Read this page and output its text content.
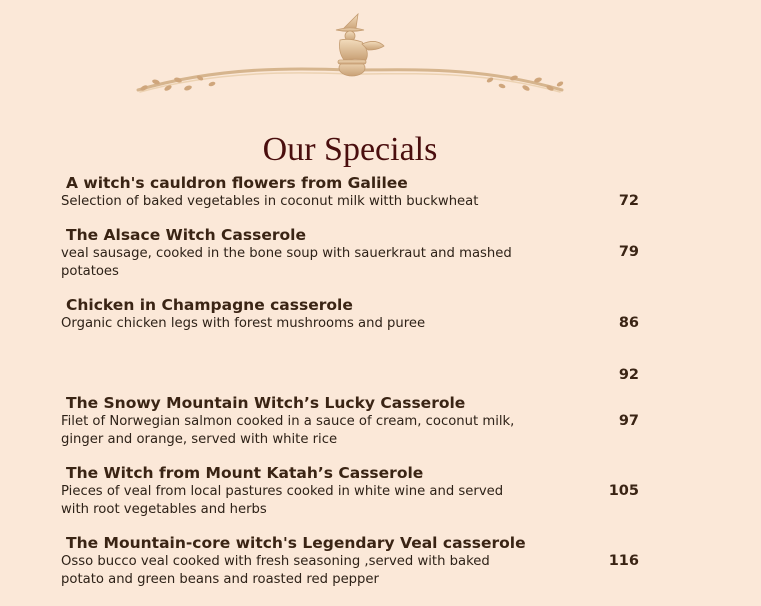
Our Specials
A witch's cauldron flowers from Galilee
Selection of baked vegetables in coconut milk witth buckwheat	72
The Alsace Witch Casserole
veal sausage, cooked in the bone soup with sauerkraut and mashed potatoes
79
Chicken in Champagne casserole
Organic chicken legs with forest mushrooms and puree	86
92
The Snowy Mountain Witch’s Lucky Casserole
Filet of Norwegian salmon cooked in a sauce of cream, coconut milk, ginger and orange, served with white rice
97
The Witch from Mount Katah’s Casserole
Pieces of veal from local pastures cooked in white wine and served with root vegetables and herbs
105
The Mountain-core witch's Legendary Veal casserole
Osso bucco veal cooked with fresh seasoning ,served with baked potato and green beans and roasted red pepper
116
